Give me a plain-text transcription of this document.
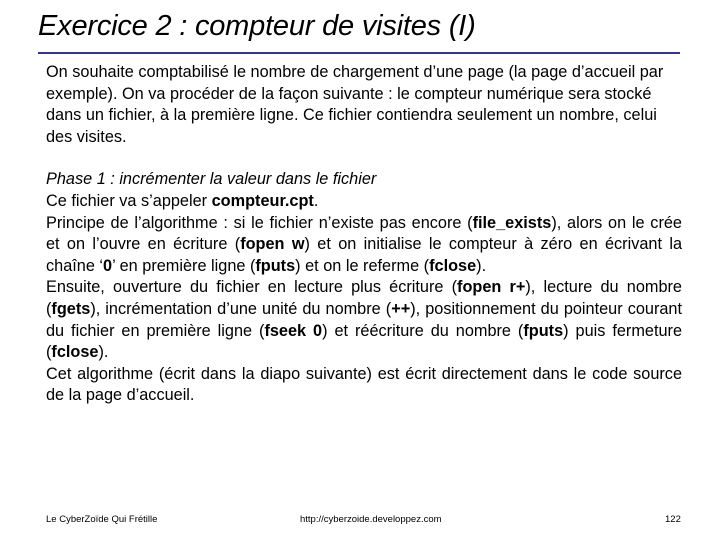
Exercice 2 : compteur de visites (I)

On souhaite comptabilisé le nombre de chargement d’une page (la page d’accueil par exemple). On va procéder de la façon suivante : le compteur numérique sera stocké dans un fichier, à la première ligne. Ce fichier contiendra seulement un nombre, celui des visites.

Phase 1 : incrémenter la valeur dans le fichier

Ce fichier va s’appeler compteur.cpt.

Principe de l’algorithme : si le fichier n’existe pas encore (file_exists), alors on le crée et on l’ouvre en écriture (fopen w) et on initialise le compteur à zéro en écrivant la chaîne ‘0’ en première ligne (fputs) et on le referme (fclose).

Ensuite, ouverture du fichier en lecture plus écriture (fopen r+), lecture du nombre (fgets), incrémentation d’une unité du nombre (++), positionnement du pointeur courant du fichier en première ligne (fseek 0) et réécriture du nombre (fputs) puis fermeture (fclose).

Cet algorithme (écrit dans la diapo suivante) est écrit directement dans le code source de la page d’accueil.

Le CyberZoïde Qui Frétille	http://cyberzoide.developpez.com	122
